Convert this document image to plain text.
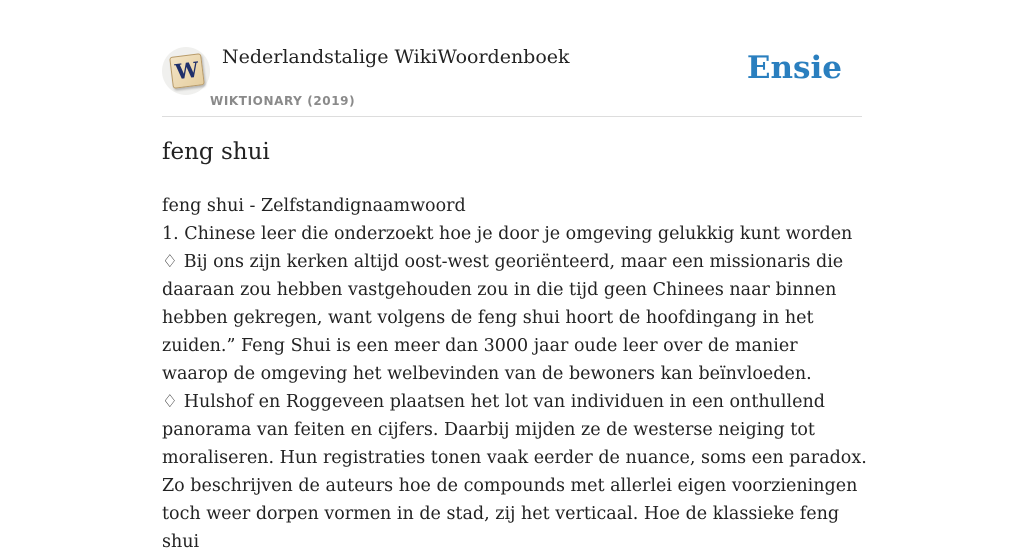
W Nederlandstalige WikiWoordenboek
WIKTIONARY (2019)
Ensie
feng shui

feng shui - Zelfstandignaamwoord

1. Chinese leer die onderzoekt hoe je door je omgeving gelukkig kunt worden

♢ Bij ons zijn kerken altijd oost-west georiënteerd, maar een missionaris die daaraan zou hebben vastgehouden zou in die tijd geen Chinees naar binnen hebben gekregen, want volgens de feng shui hoort de hoofdingang in het zuiden.” Feng Shui is een meer dan 3000 jaar oude leer over de manier waarop de omgeving het welbevinden van de bewoners kan beïnvloeden.

♢ Hulshof en Roggeveen plaatsen het lot van individuen in een onthullend panorama van feiten en cijfers. Daarbij mijden ze de westerse neiging tot moraliseren. Hun registraties tonen vaak eerder de nuance, soms een paradox. Zo beschrijven de auteurs hoe de compounds met allerlei eigen voorzieningen toch weer dorpen vormen in de stad, zij het verticaal. Hoe de klassieke feng shui
